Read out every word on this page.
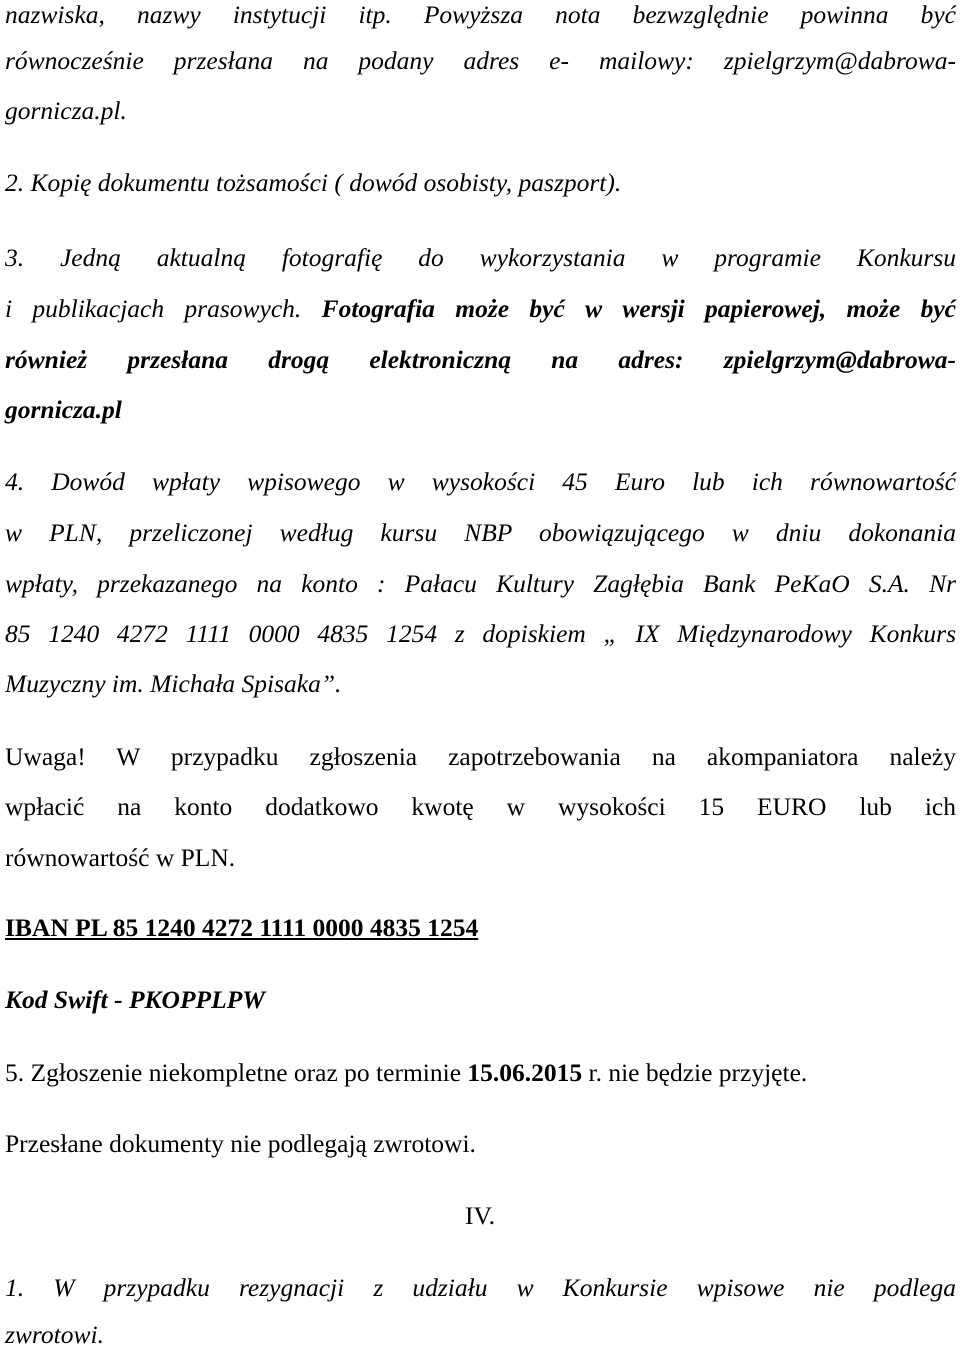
nazwiska, nazwy instytucji itp. Powyższa nota bezwzględnie powinna być
równocześnie przesłana na podany adres e- mailowy: zpielgrzym@dabrowa-
gornicza.pl.
2. Kopię dokumentu tożsamości ( dowód osobisty, paszport).
3. Jedną aktualną fotografię do wykorzystania w programie Konkursu
i publikacjach prasowych. Fotografia może być w wersji papierowej, może być
również przesłana drogą elektroniczną na adres: zpielgrzym@dabrowa-
gornicza.pl
4. Dowód wpłaty wpisowego w wysokości 45 Euro lub ich równowartość
w PLN, przeliczonej według kursu NBP obowiązującego w dniu dokonania
wpłaty, przekazanego na konto : Pałacu Kultury Zagłębia Bank PeKaO S.A. Nr
85 1240 4272 1111 0000 4835 1254 z dopiskiem „ IX Międzynarodowy Konkurs
Muzyczny im. Michała Spisaka”.
Uwaga! W przypadku zgłoszenia zapotrzebowania na akompaniatora należy
wpłacić na konto dodatkowo kwotę w wysokości 15 EURO lub ich
równowartość w PLN.
IBAN PL 85 1240 4272 1111 0000 4835 1254
Kod Swift - PKOPPLPW
5. Zgłoszenie niekompletne oraz po terminie 15.06.2015 r. nie będzie przyjęte.
Przesłane dokumenty nie podlegają zwrotowi.
IV.
1. W przypadku rezygnacji z udziału w Konkursie wpisowe nie podlega
zwrotowi.
